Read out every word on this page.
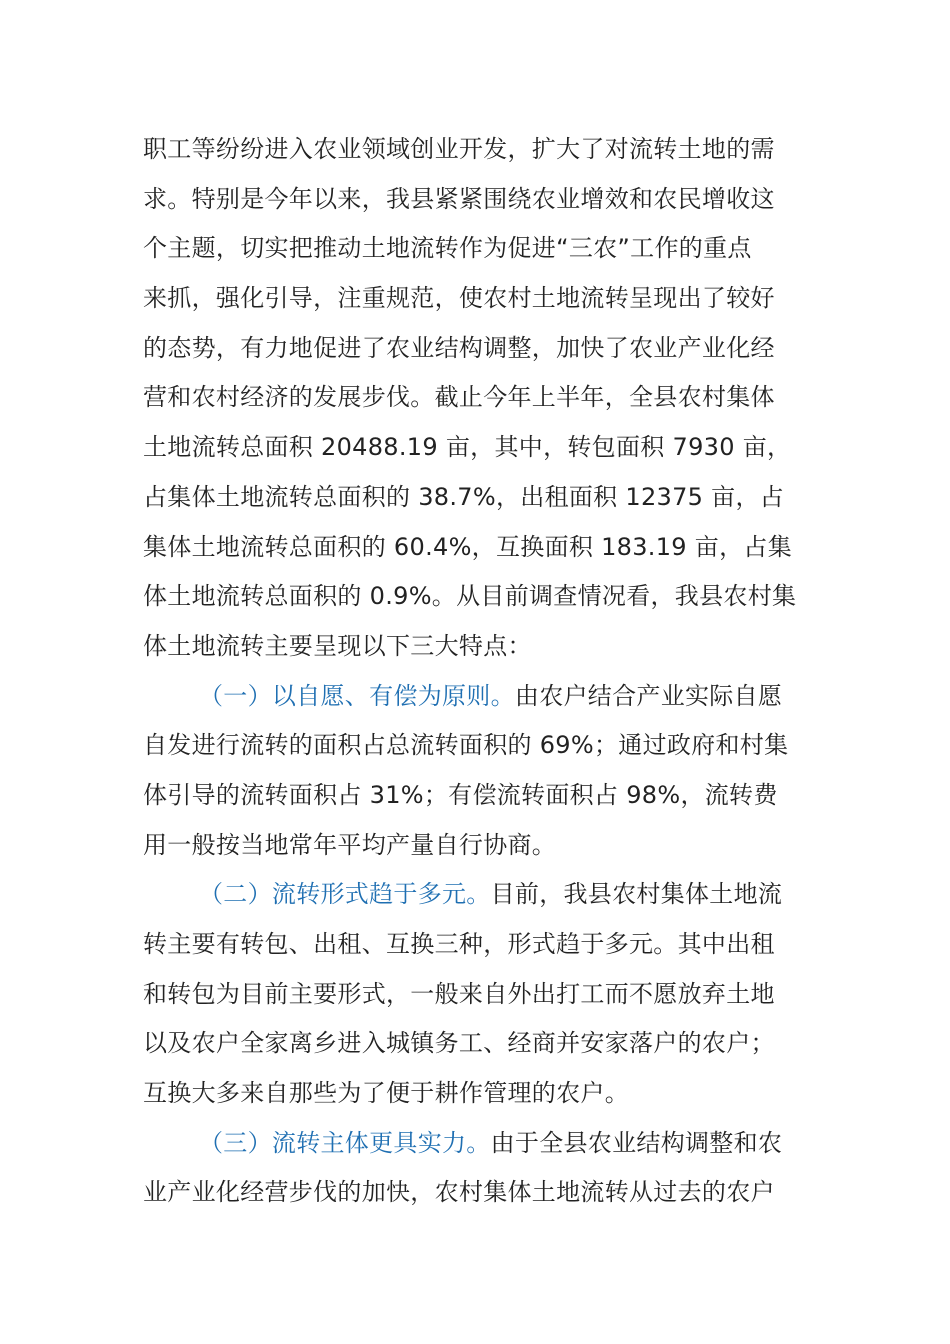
职工等纷纷进入农业领域创业开发，扩大了对流转土地的需
求。特别是今年以来，我县紧紧围绕农业增效和农民增收这
个主题，切实把推动土地流转作为促进“三农”工作的重点
来抓，强化引导，注重规范，使农村土地流转呈现出了较好
的态势，有力地促进了农业结构调整，加快了农业产业化经
营和农村经济的发展步伐。截止今年上半年，全县农村集体
土地流转总面积 20488.19 亩，其中，转包面积 7930 亩，
占集体土地流转总面积的 38.7%，出租面积 12375 亩，占
集体土地流转总面积的 60.4%，互换面积 183.19 亩，占集
体土地流转总面积的 0.9%。从目前调查情况看，我县农村集
体土地流转主要呈现以下三大特点：
（一）以自愿、有偿为原则。由农户结合产业实际自愿
自发进行流转的面积占总流转面积的 69%；通过政府和村集
体引导的流转面积占 31%；有偿流转面积占 98%，流转费
用一般按当地常年平均产量自行协商。
（二）流转形式趋于多元。目前，我县农村集体土地流
转主要有转包、出租、互换三种，形式趋于多元。其中出租
和转包为目前主要形式，一般来自外出打工而不愿放弃土地
以及农户全家离乡进入城镇务工、经商并安家落户的农户；
互换大多来自那些为了便于耕作管理的农户。
（三）流转主体更具实力。由于全县农业结构调整和农
业产业化经营步伐的加快，农村集体土地流转从过去的农户
